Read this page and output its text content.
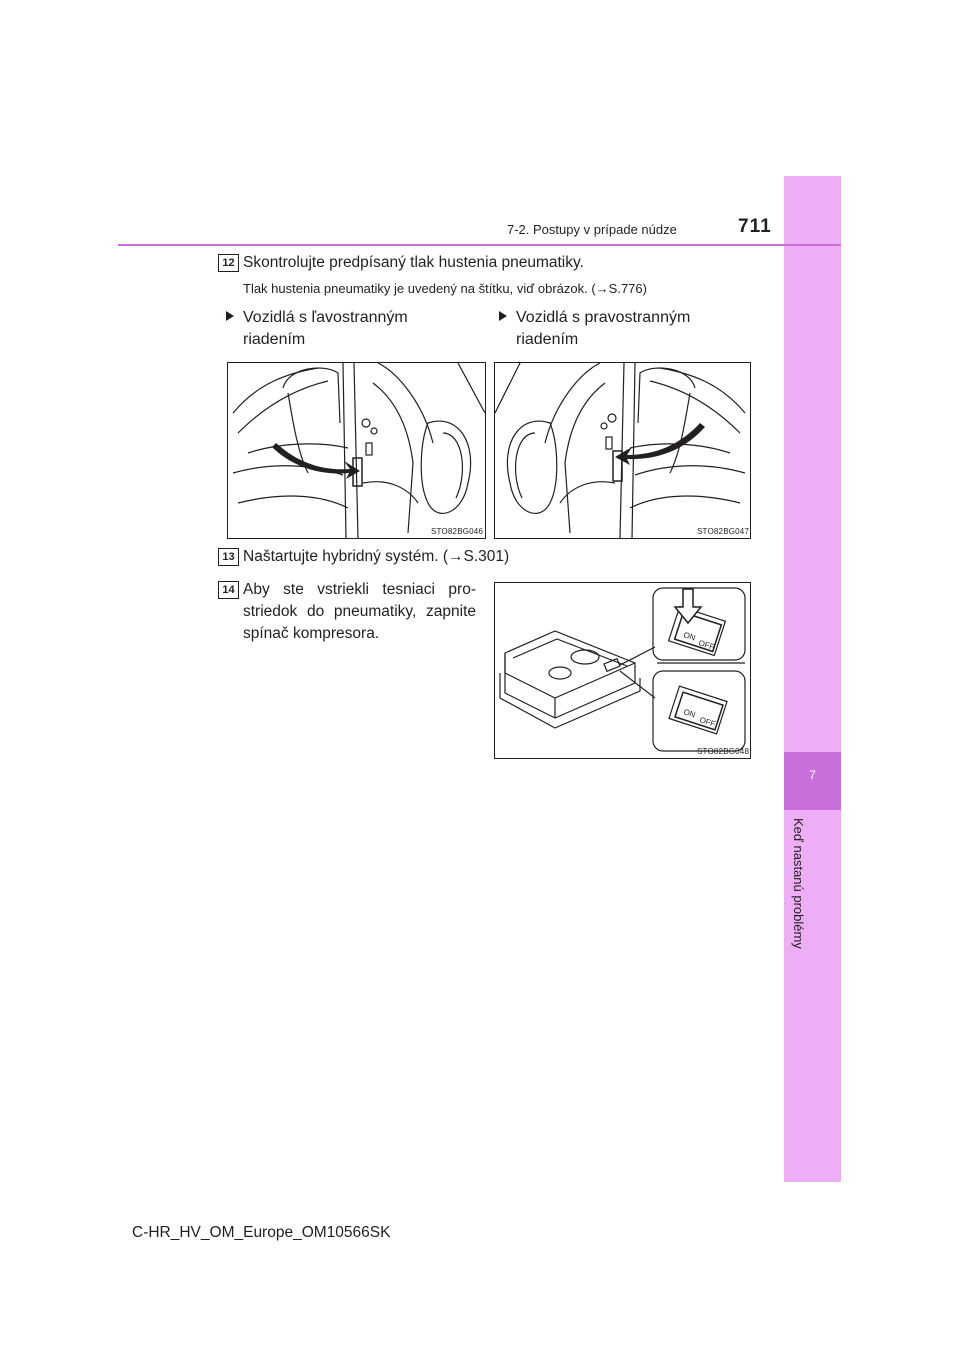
7
Keď nastanú problémy
7-2. Postupy v prípade núdze	711
12 Skontrolujte predpísaný tlak hustenia pneumatiky.
Tlak hustenia pneumatiky je uvedený na štítku, viď obrázok. (→S.776)
Vozidlá s ľavostranným
riadením
Vozidlá s pravostranným
riadením
STO82BG046	STO82BG047
13 Naštartujte hybridný systém. (→S.301)
14 Aby ste vstriekli tesniaci pro-
striedok do pneumatiky, zapnite
spínač kompresora.	ON
OFF
ON
OFF
STO82BG048
C-HR_HV_OM_Europe_OM10566SK
